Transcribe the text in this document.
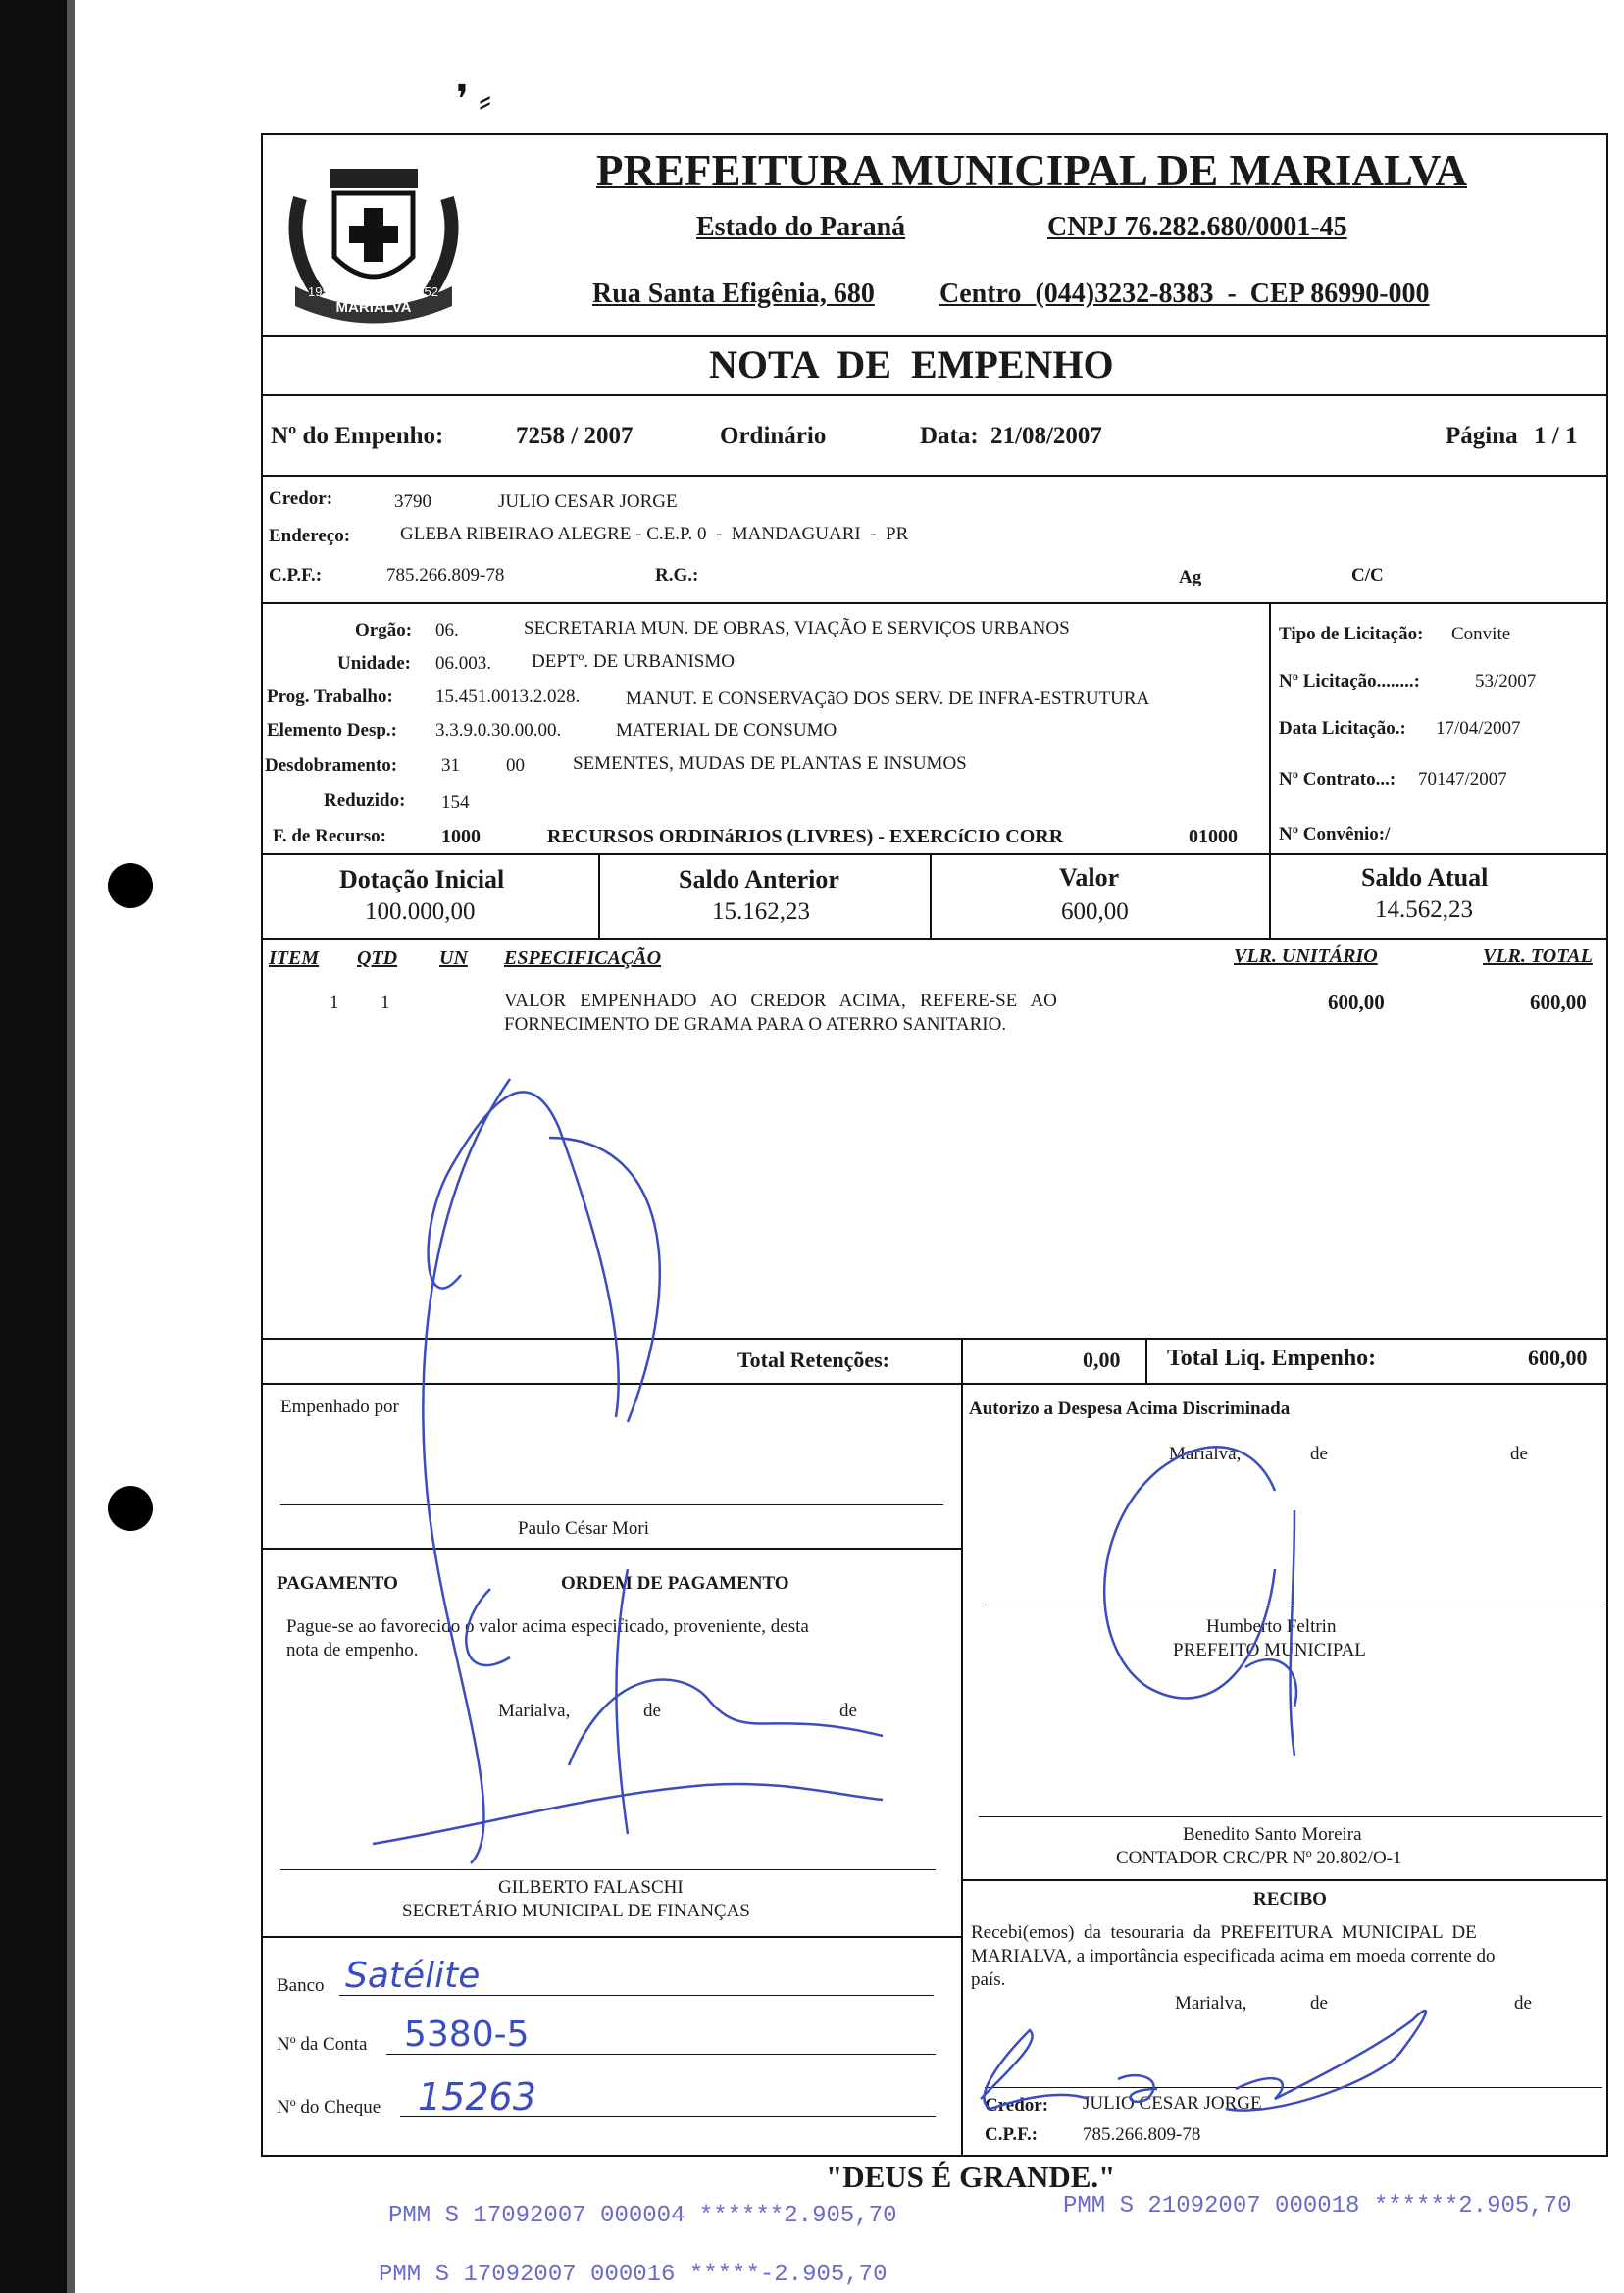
❜ ⸗
MARIALVA
1951	1952
PREFEITURA MUNICIPAL DE MARIALVA
Estado do Paraná	CNPJ 76.282.680/0001-45
Rua Santa Efigênia, 680 Centro  (044)3232-8383  -  CEP 86990-000
NOTA  DE  EMPENHO
Nº do Empenho:	7258 / 2007	Ordinário	Data: 21/08/2007	Página 1 / 1
Credor:	3790	JULIO CESAR JORGE
Endereço:	GLEBA RIBEIRAO ALEGRE - C.E.P. 0  -  MANDAGUARI  -  PR
C.P.F.:	785.266.809-78	R.G.:	Ag	C/C
Orgão: 06.	SECRETARIA MUN. DE OBRAS, VIAÇÃO E SERVIÇOS URBANOS
Unidade: 06.003. DEPTº. DE URBANISMO
Prog. Trabalho: 15.451.0013.2.028. MANUT. E CONSERVAÇãO DOS SERV. DE INFRA-ESTRUTURA
Elemento Desp.: 3.3.9.0.30.00.00.	MATERIAL DE CONSUMO
Desdobramento: 31 00	SEMENTES, MUDAS DE PLANTAS E INSUMOS
Reduzido: 154
F. de Recurso:	1000	RECURSOS ORDINáRIOS (LIVRES) - EXERCíCIO CORR	01000
Tipo de Licitação: Convite
Nº Licitação........:	53/2007
Data Licitação.: 17/04/2007
Nº Contrato...: 70147/2007
Nº Convênio:/
Dotação Inicial
100.000,00
Saldo Anterior
15.162,23
Valor
600,00
Saldo Atual
14.562,23
ITEM QTD UN ESPECIFICAÇÃO	VLR. UNITÁRIO	VLR. TOTAL
1 1	VALOR   EMPENHADO   AO   CREDOR   ACIMA,   REFERE-SE   AO
FORNECIMENTO DE GRAMA PARA O ATERRO SANITARIO.
600,00	600,00
Total Retenções:	0,00 Total Liq. Empenho:	600,00
Empenhado por
Paulo César Mori
PAGAMENTO	ORDEM DE PAGAMENTO
Pague-se ao favorecido o valor acima especificado, proveniente, desta
nota de empenho.
Marialva,	de	de
GILBERTO FALASCHI
SECRETÁRIO MUNICIPAL DE FINANÇAS
Banco Satélite
Nº da Conta 5380-5
Nº do Cheque 15263
Autorizo a Despesa Acima Discriminada
Marialva,	de	de
Humberto Feltrin
PREFEITO MUNICIPAL
Benedito Santo Moreira
CONTADOR CRC/PR Nº 20.802/O-1
RECIBO
Recebi(emos)  da  tesouraria  da  PREFEITURA  MUNICIPAL  DE
MARIALVA, a importância especificada acima em moeda corrente do
país.
Marialva,	de	de
Credor: JULIO CESAR JORGE
C.P.F.: 785.266.809-78
"DEUS É GRANDE."
PMM S 17092007 000004 ******2.905,70	PMM S 21092007 000018 ******2.905,70
PMM S 17092007 000016 *****-2.905,70
